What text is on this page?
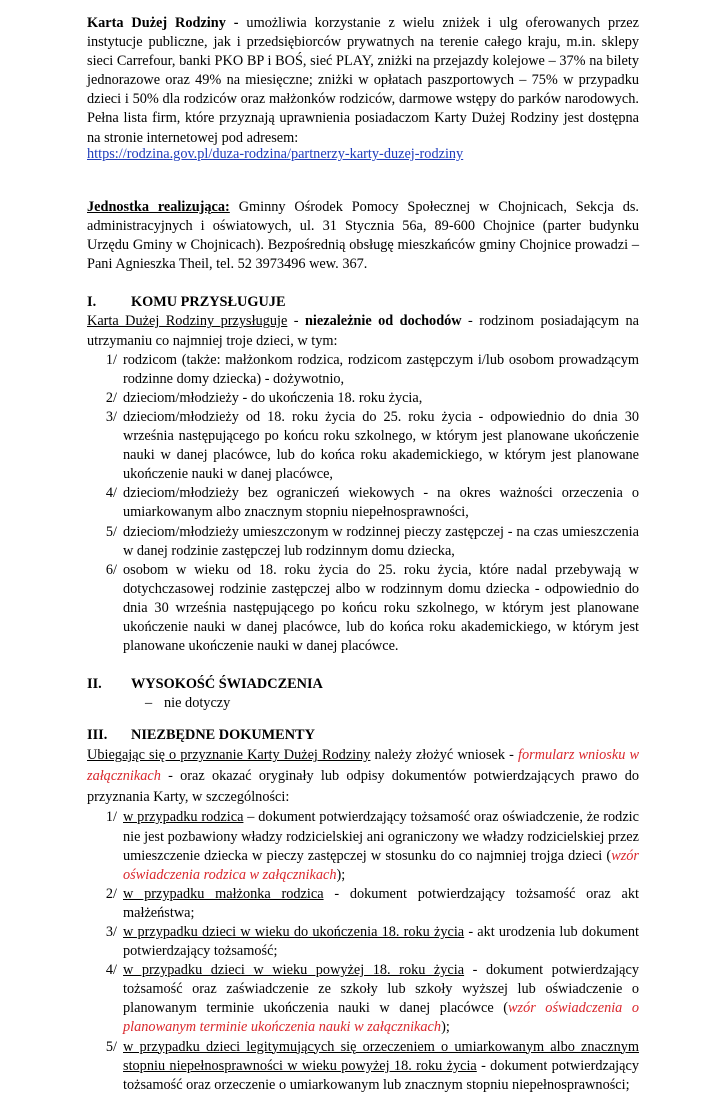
Karta Dużej Rodziny - umożliwia korzystanie z wielu zniżek i ulg oferowanych przez instytucje publiczne, jak i przedsiębiorców prywatnych na terenie całego kraju, m.in. sklepy sieci Carrefour, banki PKO BP i BOŚ, sieć PLAY, zniżki na przejazdy kolejowe – 37% na bilety jednorazowe oraz 49% na miesięczne; zniżki w opłatach paszportowych – 75% w przypadku dzieci i 50% dla rodziców oraz małżonków rodziców, darmowe wstępy do parków narodowych. Pełna lista firm, które przyznają uprawnienia posiadaczom Karty Dużej Rodziny jest dostępna na stronie internetowej pod adresem:

https://rodzina.gov.pl/duza-rodzina/partnerzy-karty-duzej-rodziny

Jednostka realizująca: Gminny Ośrodek Pomocy Społecznej w Chojnicach, Sekcja ds. administracyjnych i oświatowych, ul. 31 Stycznia 56a, 89-600 Chojnice (parter budynku Urzędu Gminy w Chojnicach). Bezpośrednią obsługę mieszkańców gminy Chojnice prowadzi – Pani Agnieszka Theil, tel. 52 3973496 wew. 367.

I.	KOMU PRZYSŁUGUJE

Karta Dużej Rodziny przysługuje - niezależnie od dochodów - rodzinom posiadającym na utrzymaniu co najmniej troje dzieci, w tym:

1/ rodzicom (także: małżonkom rodzica, rodzicom zastępczym i/lub osobom prowadzącym rodzinne domy dziecka) - dożywotnio,
2/ dzieciom/młodzieży - do ukończenia 18. roku życia,
3/ dzieciom/młodzieży od 18. roku życia do 25. roku życia - odpowiednio do dnia 30 września następującego po końcu roku szkolnego, w którym jest planowane ukończenie nauki w danej placówce, lub do końca roku akademickiego, w którym jest planowane ukończenie nauki w danej placówce,
4/ dzieciom/młodzieży bez ograniczeń wiekowych - na okres ważności orzeczenia o umiarkowanym albo znacznym stopniu niepełnosprawności,
5/ dzieciom/młodzieży umieszczonym w rodzinnej pieczy zastępczej - na czas umieszczenia w danej rodzinie zastępczej lub rodzinnym domu dziecka,
6/ osobom w wieku od 18. roku życia do 25. roku życia, które nadal przebywają w dotychczasowej rodzinie zastępczej albo w rodzinnym domu dziecka - odpowiednio do dnia 30 września następującego po końcu roku szkolnego, w którym jest planowane ukończenie nauki w danej placówce, lub do końca roku akademickiego, w którym jest planowane ukończenie nauki w danej placówce.
II.	WYSOKOŚĆ ŚWIADCZENIA
– nie dotyczy
III.	NIEZBĘDNE DOKUMENTY

Ubiegając się o przyznanie Karty Dużej Rodziny należy złożyć wniosek - formularz wniosku w załącznikach - oraz okazać oryginały lub odpisy dokumentów potwierdzających prawo do przyznania Karty, w szczególności:

1/ w przypadku rodzica – dokument potwierdzający tożsamość oraz oświadczenie, że rodzic nie jest pozbawiony władzy rodzicielskiej ani ograniczony we władzy rodzicielskiej przez umieszczenie dziecka w pieczy zastępczej w stosunku do co najmniej trojga dzieci (wzór oświadczenia rodzica w załącznikach);
2/ w przypadku małżonka rodzica - dokument potwierdzający tożsamość oraz akt małżeństwa;
3/ w przypadku dzieci w wieku do ukończenia 18. roku życia - akt urodzenia lub dokument potwierdzający tożsamość;
4/ w przypadku dzieci w wieku powyżej 18. roku życia - dokument potwierdzający tożsamość oraz zaświadczenie ze szkoły lub szkoły wyższej lub oświadczenie o planowanym terminie ukończenia nauki w danej placówce (wzór oświadczenia o planowanym terminie ukończenia nauki w załącznikach);
5/ w przypadku dzieci legitymujących się orzeczeniem o umiarkowanym albo znacznym stopniu niepełnosprawności w wieku powyżej 18. roku życia - dokument potwierdzający tożsamość oraz orzeczenie o umiarkowanym lub znacznym stopniu niepełnosprawności;
